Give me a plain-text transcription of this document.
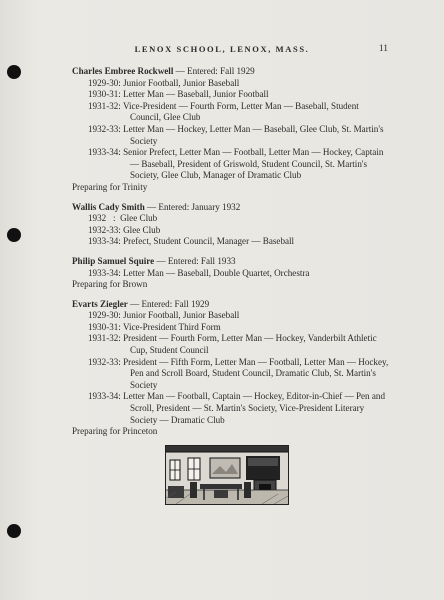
LENOX SCHOOL, LENOX, MASS.	11
Charles Embree Rockwell — Entered: Fall 1929
1929-30: Junior Football, Junior Baseball
1930-31: Letter Man — Baseball, Junior Football
1931-32: Vice-President — Fourth Form, Letter Man — Baseball, Student Council, Glee Club
1932-33: Letter Man — Hockey, Letter Man — Baseball, Glee Club, St. Martin's Society
1933-34: Senior Prefect, Letter Man — Football, Letter Man — Hockey, Captain — Baseball, President of Griswold, Student Council, St. Martin's Society, Glee Club, Manager of Dramatic Club
Preparing for Trinity
Wallis Cady Smith — Entered: January 1932
1932   :  Glee Club
1932-33: Glee Club
1933-34: Prefect, Student Council, Manager — Baseball
Philip Samuel Squire — Entered: Fall 1933
1933-34: Letter Man — Baseball, Double Quartet, Orchestra
Preparing for Brown
Evarts Ziegler — Entered: Fall 1929
1929-30: Junior Football, Junior Baseball
1930-31: Vice-President Third Form
1931-32: President — Fourth Form, Letter Man — Hockey, Vanderbilt Athletic Cup, Student Council
1932-33: President — Fifth Form, Letter Man — Football, Letter Man — Hockey, Pen and Scroll Board, Student Council, Dramatic Club, St. Martin's Society
1933-34: Letter Man — Football, Captain — Hockey, Editor-in-Chief — Pen and Scroll, President — St. Martin's Society, Vice-President Literary Society — Dramatic Club
Preparing for Princeton
